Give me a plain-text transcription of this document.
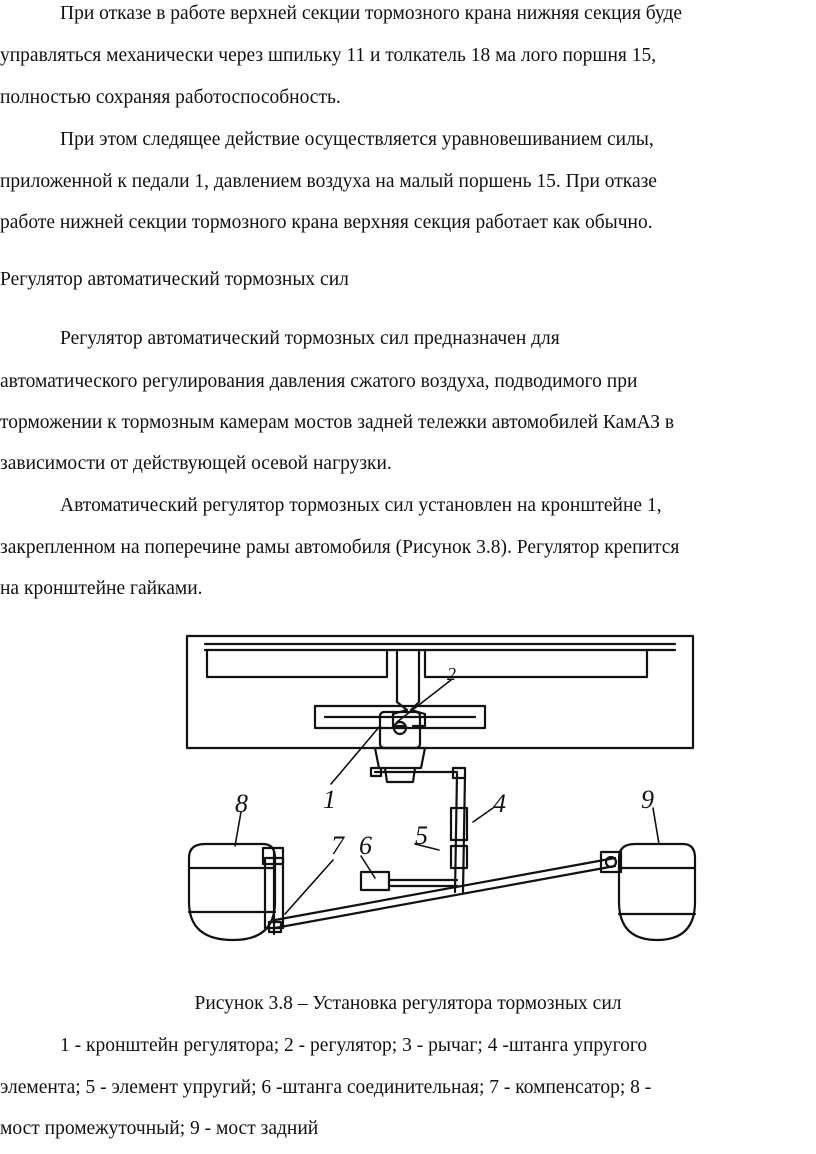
При отказе в работе верхней секции тормозного крана нижняя секция буде
управляться механически через шпильку 11 и толкатель 18 ма лого поршня 15,
полностью сохраняя работоспособность.
При этом следящее действие осуществляется уравновешиванием силы,
приложенной к педали 1, давлением воздуха на малый поршень 15. При отказе
работе нижней секции тормозного крана верхняя секция работает как обычно.
Регулятор автоматический тормозных сил
Регулятор автоматический тормозных сил предназначен для
автоматического регулирования давления сжатого воздуха, подводимого при
торможении к тормозным камерам мостов задней тележки автомобилей КамАЗ в
зависимости от действующей осевой нагрузки.
Автоматический регулятор тормозных сил установлен на кронштейне 1,
закрепленном на поперечине рамы автомобиля (Рисунок 3.8). Регулятор крепится
на кронштейне гайками.
1
2
4
5
6
7
8	9
Рисунок 3.8 – Установка регулятора тормозных сил
1 - кронштейн регулятора; 2 - регулятор; 3 - рычаг; 4 -штанга упругого
элемента; 5 - элемент упругий; 6 -штанга соединительная; 7 - компенсатор; 8 -
мост промежуточный; 9 - мост задний
